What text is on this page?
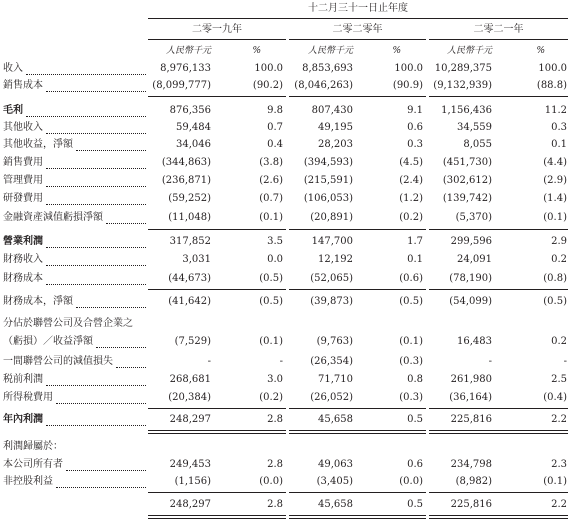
十二月三十一日止年度
二零一九年
人民幣千元	%
二零二零年
人民幣千元	%
二零二一年
人民幣千元	%
收入	8,976,133	100.0 8,853,693	100.0 10,289,375	100.0
銷售成本	(8,099,777)	(90.2) (8,046,263)	(90.9) (9,132,939)	(88.8)
毛利	876,356	9.8	807,430	9.1 1,156,436	11.2
其他收入	59,484	0.7	49,195	0.6	34,559	0.3
其他收益，淨額	34,046	0.4	28,203	0.3	8,055	0.1
銷售費用	(344,863)	(3.8) (394,593)	(4.5) (451,730)	(4.4)
管理費用	(236,871)	(2.6) (215,591)	(2.4) (302,612)	(2.9)
研發費用	(59,252)	(0.7) (106,053)	(1.2) (139,742)	(1.4)
金融資產減值虧損淨額	(11,048)	(0.1)	(20,891)	(0.2)	(5,370)	(0.1)
營業利潤	317,852	3.5	147,700	1.7	299,596	2.9
財務收入	3,031	0.0	12,192	0.1	24,091	0.2
財務成本	(44,673)	(0.5)	(52,065)	(0.6)	(78,190)	(0.8)
財務成本，淨額	(41,642)	(0.5)	(39,873)	(0.5)	(54,099)	(0.5)
分佔於聯營公司及合營企業之
（虧損）／收益淨額	(7,529)	(0.1)	(9,763)	(0.1)	16,483	0.2
一間聯營公司的減值損失	-	-	(26,354)	(0.3)	-	-
税前利潤	268,681	3.0	71,710	0.8	261,980	2.5
所得稅費用	(20,384)	(0.2)	(26,052)	(0.3)	(36,164)	(0.4)
年內利潤	248,297	2.8	45,658	0.5	225,816	2.2
利潤歸屬於：
本公司所有者	249,453	2.8	49,063	0.6	234,798	2.3
非控股利益	(1,156)	(0.0)	(3,405)	(0.0)	(8,982)	(0.1)
248,297	2.8	45,658	0.5	225,816	2.2
